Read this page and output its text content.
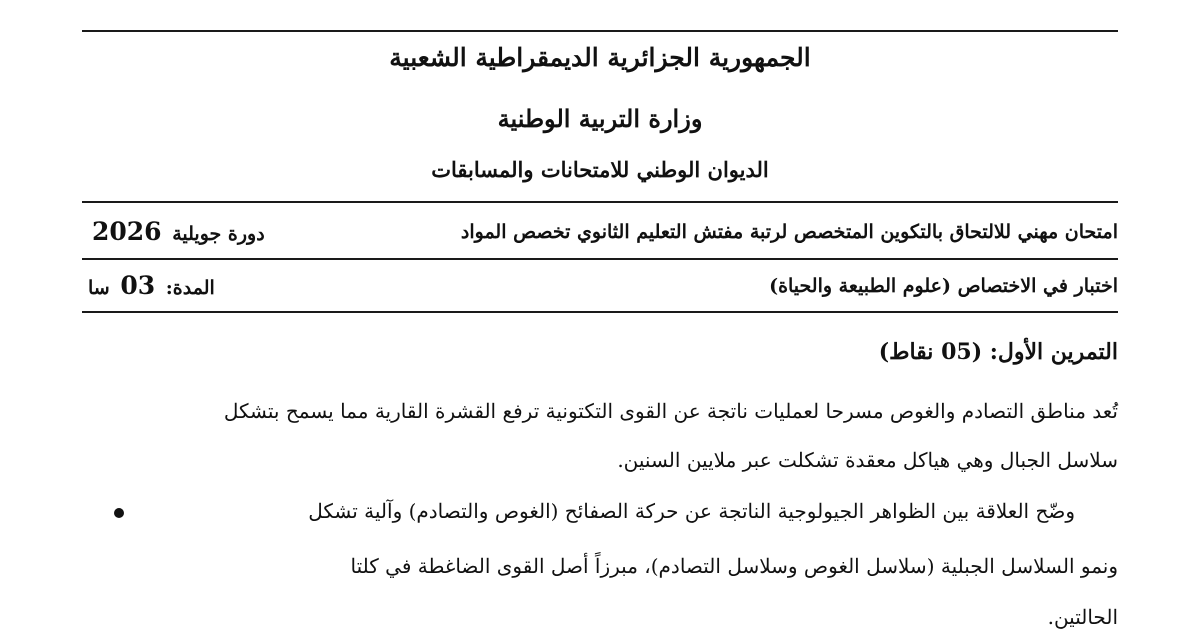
الجمهورية الجزائرية الديمقراطية الشعبية
وزارة التربية الوطنية
الديوان الوطني للامتحانات والمسابقات
امتحان مهني للالتحاق بالتكوين المتخصص لرتبة مفتش التعليم الثانوي تخصص المواد
دورة جويلية 2026
اختبار في الاختصاص (علوم الطبيعة والحياة)
المدة: 03 سا
التمرين الأول: (05 نقاط)
تُعد مناطق التصادم والغوص مسرحا لعمليات ناتجة عن القوى التكتونية ترفع القشرة القارية مما يسمح بتشكل
سلاسل الجبال وهي هياكل معقدة تشكلت عبر ملايين السنين.
وضّح العلاقة بين الظواهر الجيولوجية الناتجة عن حركة الصفائح (الغوص والتصادم) وآلية تشكل
ونمو السلاسل الجبلية (سلاسل الغوص وسلاسل التصادم)، مبرزاً أصل القوى الضاغطة في كلتا
الحالتين.
